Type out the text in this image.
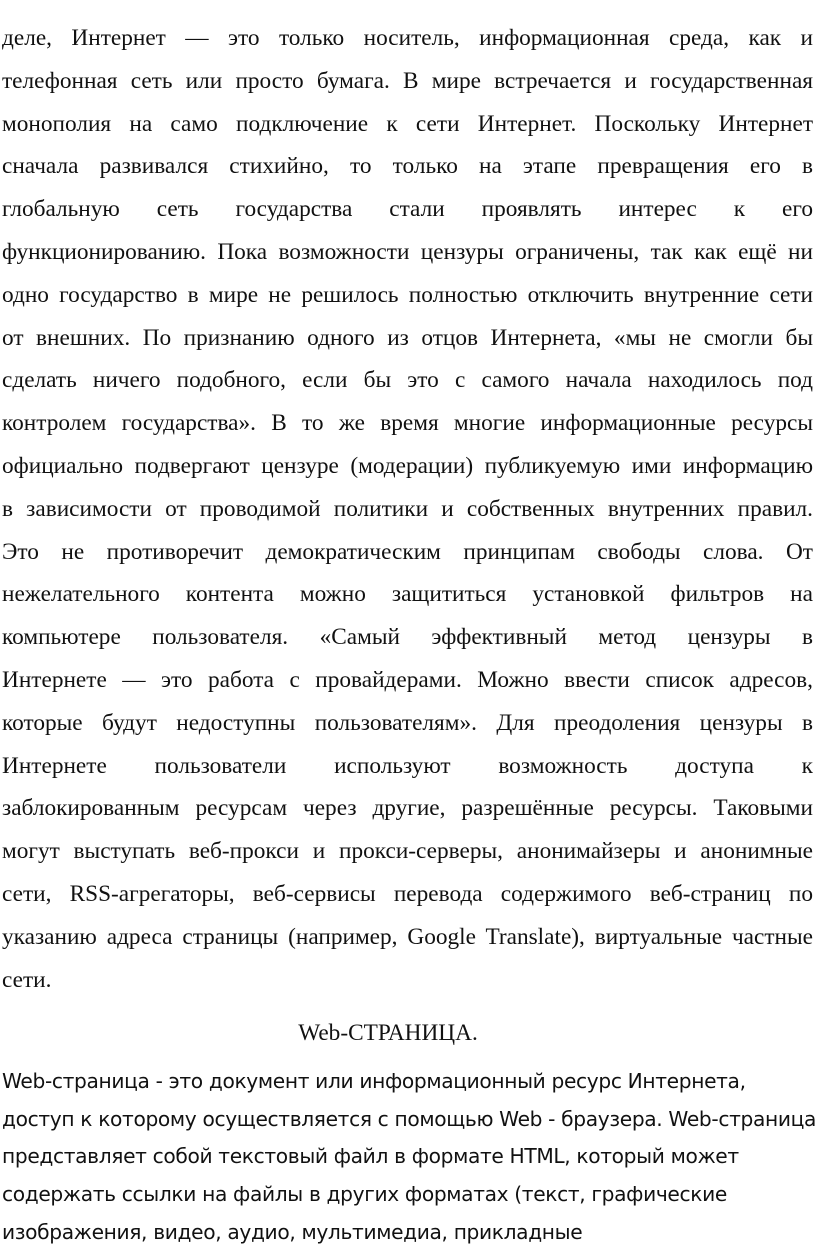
деле, Интернет — это только носитель, информационная среда, как и
телефонная сеть или просто бумага. В мире встречается и государственная
монополия на само подключение к сети Интернет. Поскольку Интернет
сначала развивался стихийно, то только на этапе превращения его в
глобальную сеть государства стали проявлять интерес к его
функционированию. Пока возможности цензуры ограничены, так как ещё ни
одно государство в мире не решилось полностью отключить внутренние сети
от внешних. По признанию одного из отцов Интернета, «мы не смогли бы
сделать ничего подобного, если бы это с самого начала находилось под
контролем государства». В то же время многие информационные ресурсы
официально подвергают цензуре (модерации) публикуемую ими информацию
в зависимости от проводимой политики и собственных внутренних правил.
Это не противоречит демократическим принципам свободы слова. От
нежелательного контента можно защититься установкой фильтров на
компьютере пользователя. «Самый эффективный метод цензуры в
Интернете — это работа с провайдерами. Можно ввести список адресов,
которые будут недоступны пользователям». Для преодоления цензуры в
Интернете пользователи используют возможность доступа к
заблокированным ресурсам через другие, разрешённые ресурсы. Таковыми
могут выступать веб-прокси и прокси-серверы, анонимайзеры и анонимные
сети, RSS-агрегаторы, веб-сервисы перевода содержимого веб-страниц по
указанию адреса страницы (например, Google Translate), виртуальные частные
сети.
Web-СТРАНИЦА.
Web-страница - это документ или информационный ресурс Интернета,
доступ к которому осуществляется с помощью Web - браузера. Web-страница
представляет собой текстовый файл в формате HTML, который может
содержать ссылки на файлы в других форматах (текст, графические
изображения, видео, аудио, мультимедиа, прикладные
